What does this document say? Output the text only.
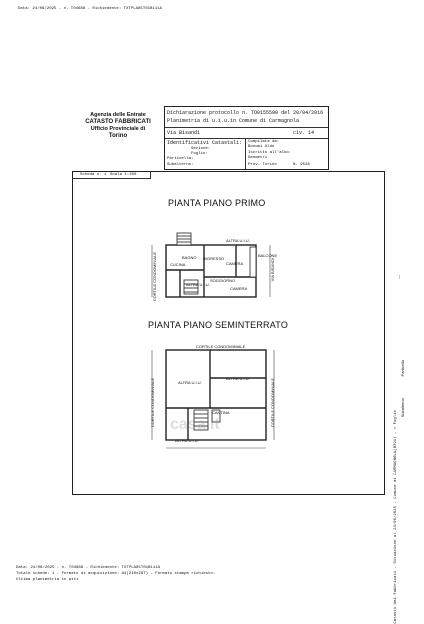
Data: 24/06/2025 - n. T04688 - Richiedente: TXTPLA85T01B111A
Agenzia delle Entrate
CATASTO FABBRICATI
Ufficio Provinciale di
Torino
Dichiarazione protocollo n. TO0155590 del 20/04/2016
Planimetria di u.i.u.in Comune di Carmagnola
Via Bisandi	civ. 14
Identificativi Catastali:
Sezione:
Foglio:
Particella:
Subalterno:
Compilata da:
Bonomi Aldo
Iscritto all'albo:
Geometri
Prov. Torino	N. 9548
Scheda n. 1 Scala 1:200
PIANTA PIANO PRIMO
PIANTA PIANO SEMINTERRATO
ALTRA U.I.U.
BAGNO INGRESSO
CAMERA
CUCINA
ALTRA U.I.U.
CAMERA
SOGGIORNO
BALCONE
CORTILE CONDOMINIALE	VIA BISANDI
CORTILE CONDOMINIALE
ALTRA U.I.U.
ALTRA U.I.U.
CANTINA
ALTRA U.I.U.
CORTILE CONDOMINIALE	CORTILE CONDOMINIALE
casa.it
—
Catasto dei fabbricati - Situazione al 24/06/2025 - Comune di CARMAGNOLA(B791) - < Foglio
Particella
Subalterno
Data: 24/06/2025 - n. T04688 - Richiedente: TXTPLA85T01B111A
Totale schede: 1 - Formato di acquisizione: A4(210x297) - Formato stampa richiesto:
Ultima planimetria in atti
